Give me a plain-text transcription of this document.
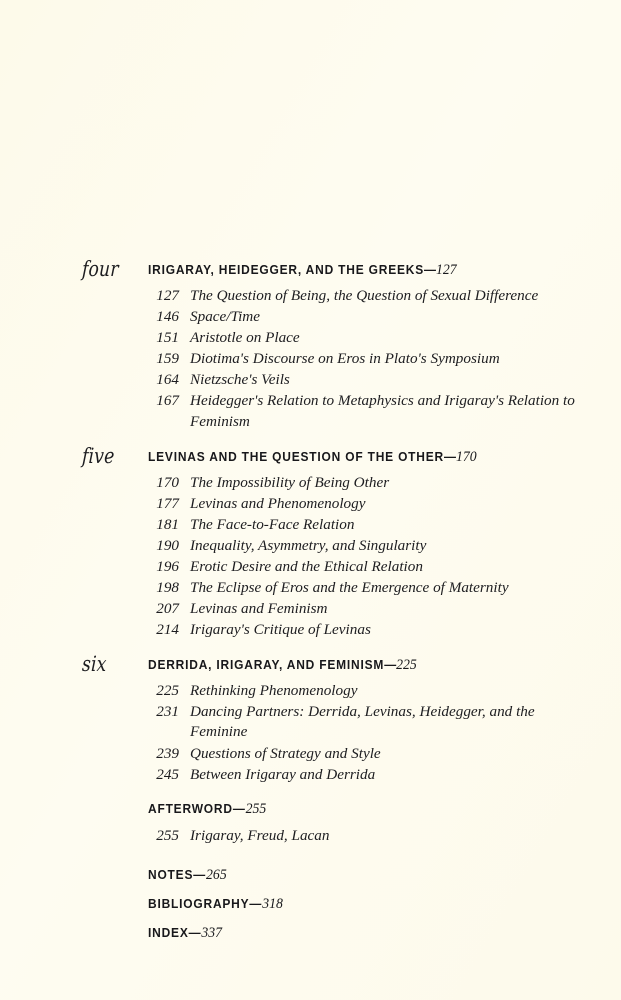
four	IRIGARAY, HEIDEGGER, AND THE GREEKS—127
127 The Question of Being, the Question of Sexual Difference
146 Space/Time
151 Aristotle on Place
159 Diotima's Discourse on Eros in Plato's Symposium
164 Nietzsche's Veils
167 Heidegger's Relation to Metaphysics and Irigaray's Relation to Feminism
five	LEVINAS AND THE QUESTION OF THE OTHER—170
170 The Impossibility of Being Other
177 Levinas and Phenomenology
181 The Face-to-Face Relation
190 Inequality, Asymmetry, and Singularity
196 Erotic Desire and the Ethical Relation
198 The Eclipse of Eros and the Emergence of Maternity
207 Levinas and Feminism
214 Irigaray's Critique of Levinas
six	DERRIDA, IRIGARAY, AND FEMINISM—225
225 Rethinking Phenomenology
231 Dancing Partners: Derrida, Levinas, Heidegger, and the Feminine
239 Questions of Strategy and Style
245 Between Irigaray and Derrida
AFTERWORD—255
255 Irigaray, Freud, Lacan
NOTES—265
BIBLIOGRAPHY—318
INDEX—337
